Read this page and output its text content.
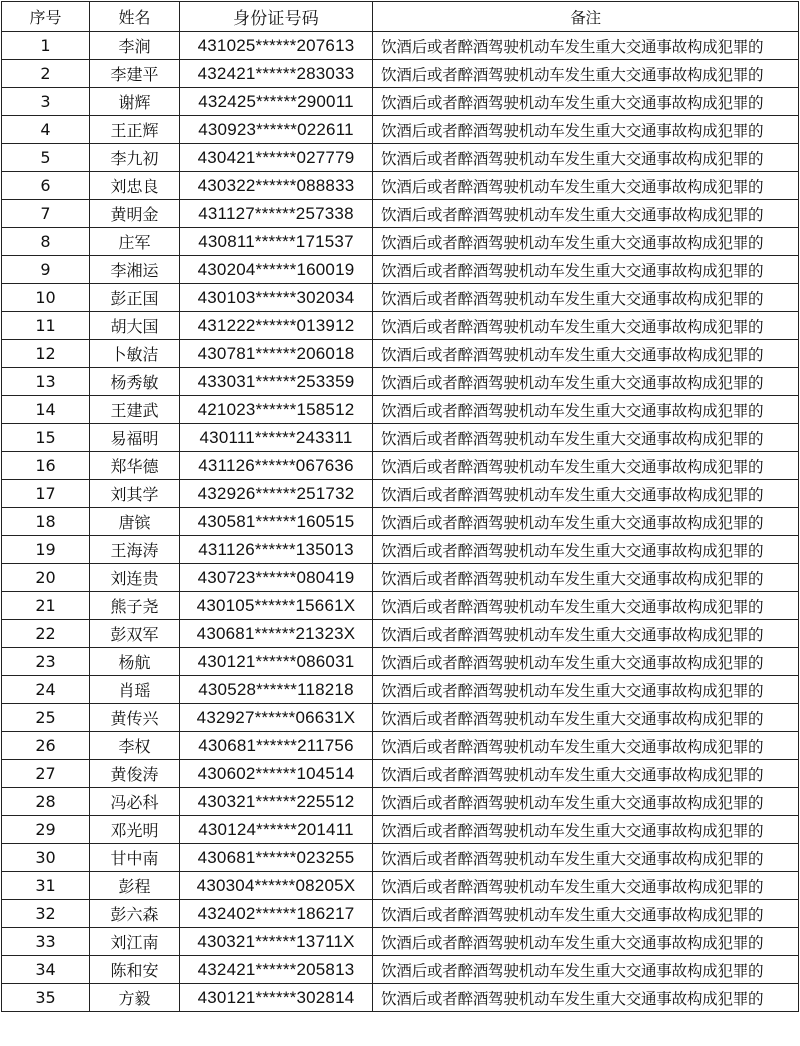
序号	姓名	身份证号码	备注
1	李涧	431025******207613	饮酒后或者醉酒驾驶机动车发生重大交通事故构成犯罪的
2	李建平	432421******283033	饮酒后或者醉酒驾驶机动车发生重大交通事故构成犯罪的
3	谢辉	432425******290011	饮酒后或者醉酒驾驶机动车发生重大交通事故构成犯罪的
4	王正辉	430923******022611	饮酒后或者醉酒驾驶机动车发生重大交通事故构成犯罪的
5	李九初	430421******027779	饮酒后或者醉酒驾驶机动车发生重大交通事故构成犯罪的
6	刘忠良	430322******088833	饮酒后或者醉酒驾驶机动车发生重大交通事故构成犯罪的
7	黄明金	431127******257338	饮酒后或者醉酒驾驶机动车发生重大交通事故构成犯罪的
8	庄军	430811******171537	饮酒后或者醉酒驾驶机动车发生重大交通事故构成犯罪的
9	李湘运	430204******160019	饮酒后或者醉酒驾驶机动车发生重大交通事故构成犯罪的
10	彭正国	430103******302034	饮酒后或者醉酒驾驶机动车发生重大交通事故构成犯罪的
11	胡大国	431222******013912	饮酒后或者醉酒驾驶机动车发生重大交通事故构成犯罪的
12	卜敏洁	430781******206018	饮酒后或者醉酒驾驶机动车发生重大交通事故构成犯罪的
13	杨秀敏	433031******253359	饮酒后或者醉酒驾驶机动车发生重大交通事故构成犯罪的
14	王建武	421023******158512	饮酒后或者醉酒驾驶机动车发生重大交通事故构成犯罪的
15	易福明	430111******243311	饮酒后或者醉酒驾驶机动车发生重大交通事故构成犯罪的
16	郑华德	431126******067636	饮酒后或者醉酒驾驶机动车发生重大交通事故构成犯罪的
17	刘其学	432926******251732	饮酒后或者醉酒驾驶机动车发生重大交通事故构成犯罪的
18	唐镔	430581******160515	饮酒后或者醉酒驾驶机动车发生重大交通事故构成犯罪的
19	王海涛	431126******135013	饮酒后或者醉酒驾驶机动车发生重大交通事故构成犯罪的
20	刘连贵	430723******080419	饮酒后或者醉酒驾驶机动车发生重大交通事故构成犯罪的
21	熊子尧	430105******15661X	饮酒后或者醉酒驾驶机动车发生重大交通事故构成犯罪的
22	彭双军	430681******21323X	饮酒后或者醉酒驾驶机动车发生重大交通事故构成犯罪的
23	杨航	430121******086031	饮酒后或者醉酒驾驶机动车发生重大交通事故构成犯罪的
24	肖瑶	430528******118218	饮酒后或者醉酒驾驶机动车发生重大交通事故构成犯罪的
25	黄传兴	432927******06631X	饮酒后或者醉酒驾驶机动车发生重大交通事故构成犯罪的
26	李权	430681******211756	饮酒后或者醉酒驾驶机动车发生重大交通事故构成犯罪的
27	黄俊涛	430602******104514	饮酒后或者醉酒驾驶机动车发生重大交通事故构成犯罪的
28	冯必科	430321******225512	饮酒后或者醉酒驾驶机动车发生重大交通事故构成犯罪的
29	邓光明	430124******201411	饮酒后或者醉酒驾驶机动车发生重大交通事故构成犯罪的
30	甘中南	430681******023255	饮酒后或者醉酒驾驶机动车发生重大交通事故构成犯罪的
31	彭程	430304******08205X	饮酒后或者醉酒驾驶机动车发生重大交通事故构成犯罪的
32	彭六森	432402******186217	饮酒后或者醉酒驾驶机动车发生重大交通事故构成犯罪的
33	刘江南	430321******13711X	饮酒后或者醉酒驾驶机动车发生重大交通事故构成犯罪的
34	陈和安	432421******205813	饮酒后或者醉酒驾驶机动车发生重大交通事故构成犯罪的
35	方毅	430121******302814	饮酒后或者醉酒驾驶机动车发生重大交通事故构成犯罪的
